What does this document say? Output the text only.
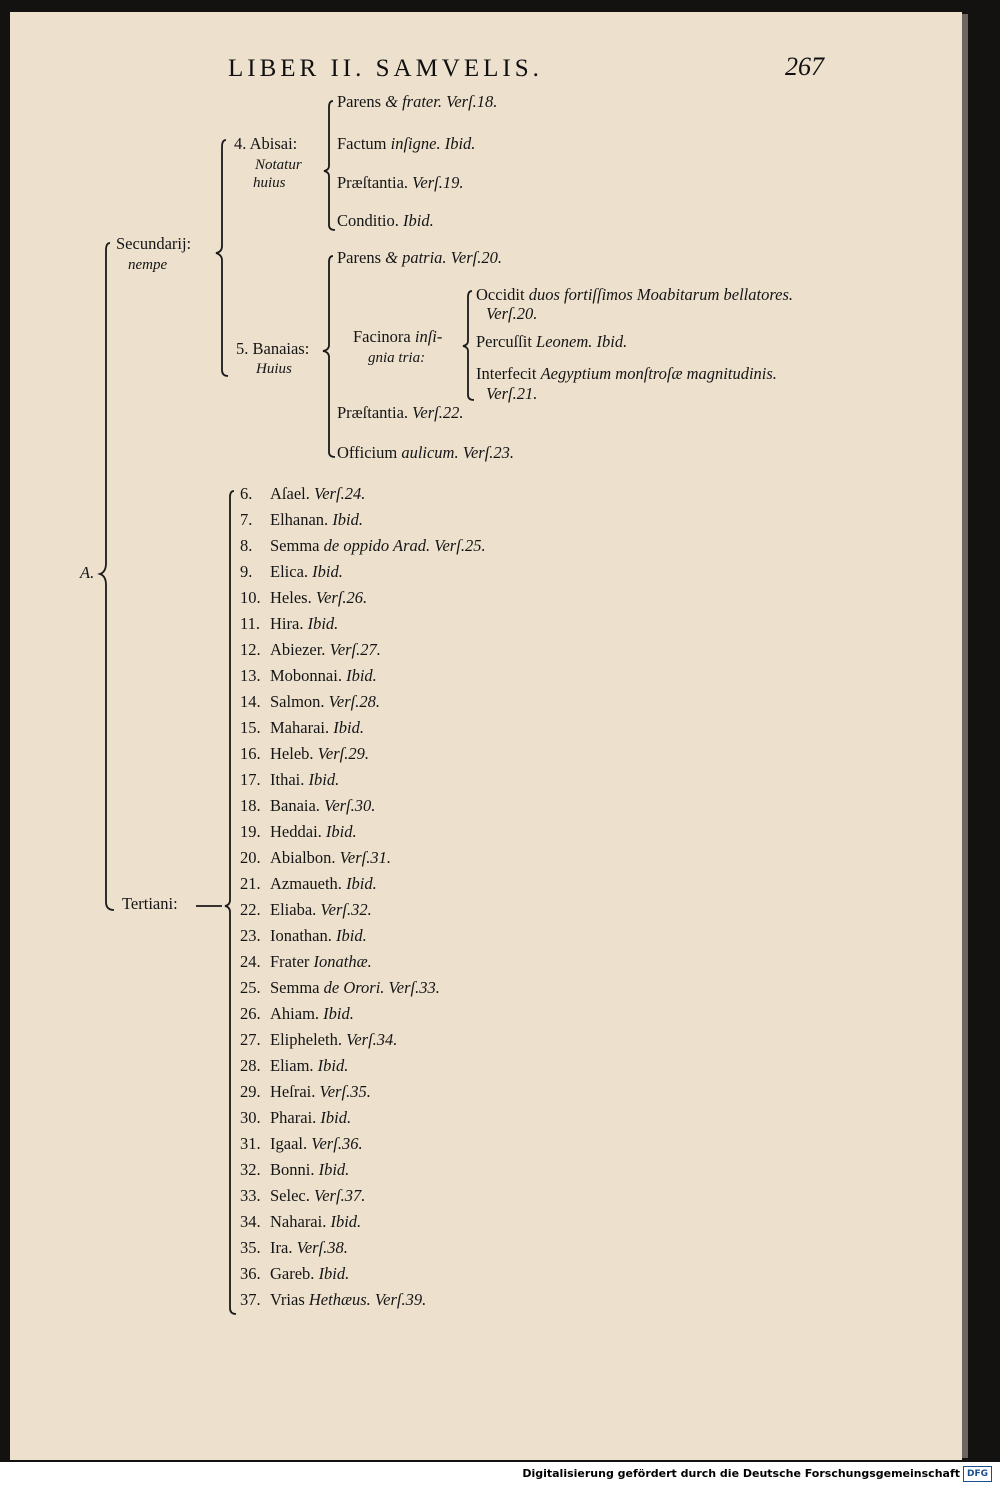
LIBER II. SAMVELIS.	267
A.
Secundarij:
nempe
4. Abisai:
Notatur
huius
Parens & frater. Verſ.18.
Factum inſigne. Ibid.
Præſtantia. Verſ.19.
Conditio. Ibid.
5. Banaias:
Huius
Parens & patria. Verſ.20.
Facinora inſi-
gnia tria:
Occidit duos fortiſſimos Moabitarum bellatores.
Verſ.20.
Percuſſit Leonem. Ibid.
Interfecit Aegyptium monſtroſæ magnitudinis.
Verſ.21.
Præſtantia. Verſ.22.
Officium aulicum. Verſ.23.
Tertiani:
6. Aſael. Verſ.24.
7. Elhanan. Ibid.
8. Semma de oppido Arad. Verſ.25.
9. Elica. Ibid.
10. Heles. Verſ.26.
11. Hira. Ibid.
12. Abiezer. Verſ.27.
13. Mobonnai. Ibid.
14. Salmon. Verſ.28.
15. Maharai. Ibid.
16. Heleb. Verſ.29.
17. Ithai. Ibid.
18. Banaia. Verſ.30.
19. Heddai. Ibid.
20. Abialbon. Verſ.31.
21. Azmaueth. Ibid.
22. Eliaba. Verſ.32.
23. Ionathan. Ibid.
24. Frater Ionathæ.
25. Semma de Orori. Verſ.33.
26. Ahiam. Ibid.
27. Elipheleth. Verſ.34.
28. Eliam. Ibid.
29. Heſrai. Verſ.35.
30. Pharai. Ibid.
31. Igaal. Verſ.36.
32. Bonni. Ibid.
33. Selec. Verſ.37.
34. Naharai. Ibid.
35. Ira. Verſ.38.
36. Gareb. Ibid.
37. Vrias Hethæus. Verſ.39.
Digitalisierung gefördert durch die Deutsche Forschungsgemeinschaft DFG
